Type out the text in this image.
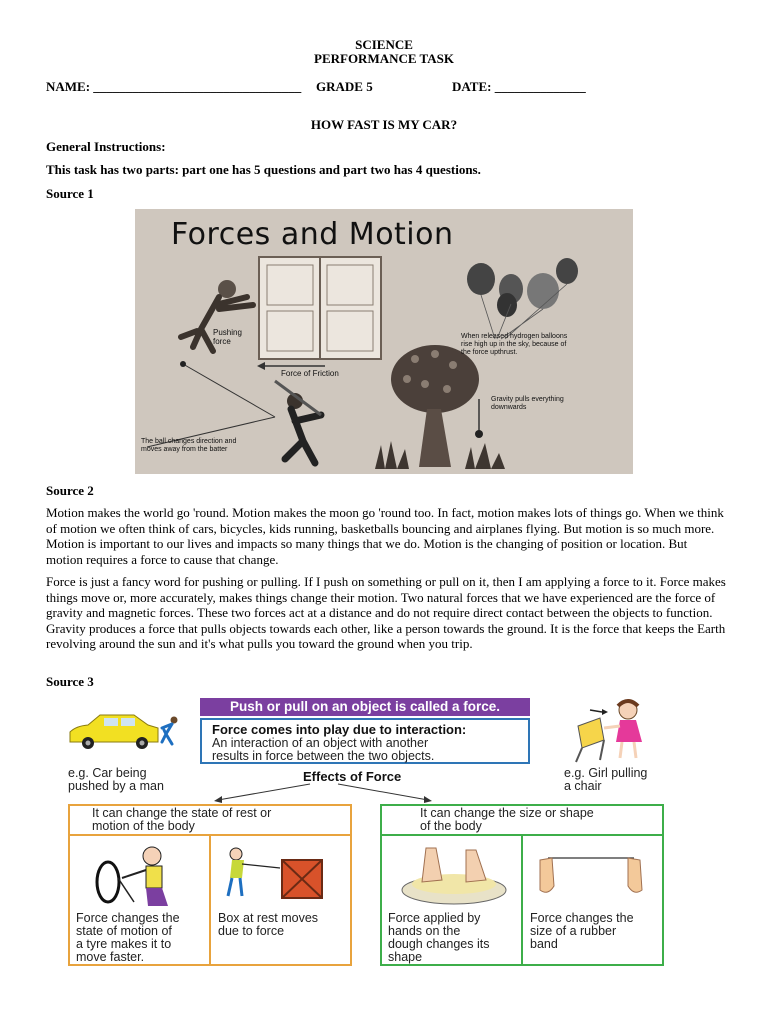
SCIENCE
PERFORMANCE TASK
NAME: ________________________________ GRADE 5	DATE: ______________
HOW FAST IS MY CAR?
General Instructions:
This task has two parts: part one has 5 questions and part two has 4 questions.
Source 1
Forces and Motion
Pushing
force
Force of Friction
When released hydrogen balloons
rise high up in the sky, because of
the force upthrust.
Gravity pulls everything
downwards
The ball changes direction and
moves away from the batter
Source 2
Motion makes the world go 'round. Motion makes the moon go 'round too. In fact, motion makes lots of things go. When we think of motion we often think of cars, bicycles, kids running, basketballs bouncing and airplanes flying. But motion is so much more. Motion is important to our lives and impacts so many things that we do. Motion is the changing of position or location. But motion requires a force to cause that change.
Force is just a fancy word for pushing or pulling. If I push on something or pull on it, then I am applying a force to it. Force makes things move or, more accurately, makes things change their motion. Two natural forces that we have experienced are the force of gravity and magnetic forces. These two forces act at a distance and do not require direct contact between the objects to function. Gravity produces a force that pulls objects towards each other, like a person towards the ground. It is the force that keeps the Earth revolving around the sun and it's what pulls you toward the ground when you trip.
Source 3
Push or pull on an object is called a force.
Force comes into play due to interaction:
An interaction of an object with another
results in force between the two objects.
e.g. Car being
pushed by a man
e.g. Girl pulling
a chair
Effects of Force
It can change the state of rest or
motion of the body
Force changes the
state of motion of
a tyre makes it to
move faster.
Box at rest moves
due to force
It can change the size or shape
of the body
Force applied by
hands on the
dough changes its
shape
Force changes the
size of a rubber
band
